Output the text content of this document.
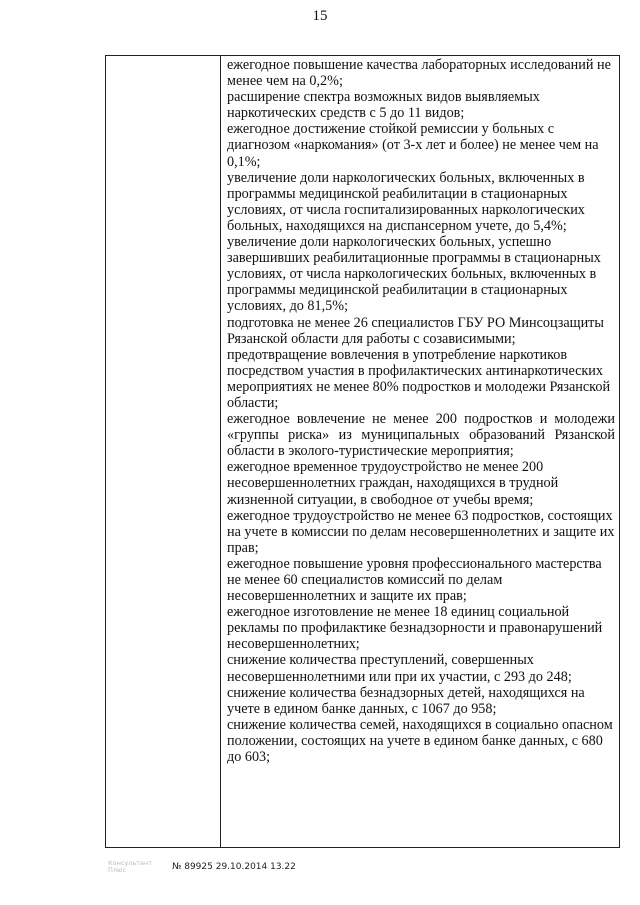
15

ежегодное повышение качества лабораторных исследований не менее чем на 0,2%;

расширение спектра возможных видов выявляемых наркотических средств с 5 до 11 видов;

ежегодное достижение стойкой ремиссии у больных с диагнозом «наркомания» (от 3-х лет и более) не менее чем на 0,1%;

увеличение доли наркологических больных, включенных в программы медицинской реабилитации в стационарных условиях, от числа госпитализированных наркологических больных, находящихся на диспансерном учете, до 5,4%;

увеличение доли наркологических больных, успешно завершивших реабилитационные программы в стационарных условиях, от числа наркологических больных, включенных в программы медицинской реабилитации в стационарных условиях, до 81,5%;

подготовка не менее 26 специалистов ГБУ РО Минсоцзащиты Рязанской области для работы с созависимыми;

предотвращение вовлечения в употребление наркотиков посредством участия в профилактических антинаркотических мероприятиях не менее 80% подростков и молодежи Рязанской области;

ежегодное вовлечение не менее 200 подростков и молодежи «группы риска» из муниципальных образований Рязанской области в эколого-туристические мероприятия;

ежегодное временное трудоустройство не менее 200 несовершеннолетних граждан, находящихся в трудной жизненной ситуации, в свободное от учебы время;

ежегодное трудоустройство не менее 63 подростков, состоящих на учете в комиссии по делам несовершеннолетних и защите их прав;

ежегодное повышение уровня профессионального мастерства не менее 60 специалистов комиссий по делам несовершеннолетних и защите их прав;

ежегодное изготовление не менее 18 единиц социальной рекламы по профилактике безнадзорности и правонарушений несовершеннолетних;

снижение количества преступлений, совершенных несовершеннолетними или при их участии, с 293 до 248;

снижение количества безнадзорных детей, находящихся на учете в едином банке данных, с 1067 до 958;

снижение количества семей, находящихся в социально опасном положении, состоящих на учете в едином банке данных, с 680 до 603;

Консультант Плюс	№ 89925 29.10.2014 13.22
